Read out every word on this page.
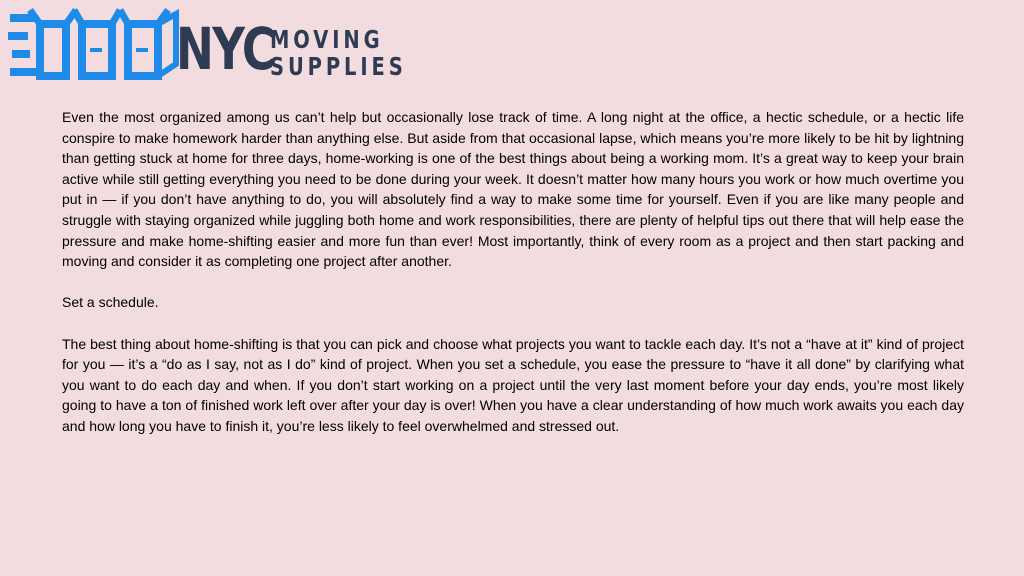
NYC
MOVING
SUPPLIES

Even the most organized among us can’t help but occasionally lose track of time. A long night at the office, a hectic schedule, or a hectic life conspire to make homework harder than anything else. But aside from that occasional lapse, which means you’re more likely to be hit by lightning than getting stuck at home for three days, home-working is one of the best things about being a working mom. It’s a great way to keep your brain active while still getting everything you need to be done during your week. It doesn’t matter how many hours you work or how much overtime you put in — if you don’t have anything to do, you will absolutely find a way to make some time for yourself. Even if you are like many people and struggle with staying organized while juggling both home and work responsibilities, there are plenty of helpful tips out there that will help ease the pressure and make home-shifting easier and more fun than ever! Most importantly, think of every room as a project and then start packing and moving and consider it as completing one project after another.

Set a schedule.

The best thing about home-shifting is that you can pick and choose what projects you want to tackle each day. It’s not a “have at it” kind of project for you — it’s a “do as I say, not as I do” kind of project. When you set a schedule, you ease the pressure to “have it all done” by clarifying what you want to do each day and when. If you don’t start working on a project until the very last moment before your day ends, you’re most likely going to have a ton of finished work left over after your day is over! When you have a clear understanding of how much work awaits you each day and how long you have to finish it, you’re less likely to feel overwhelmed and stressed out.
